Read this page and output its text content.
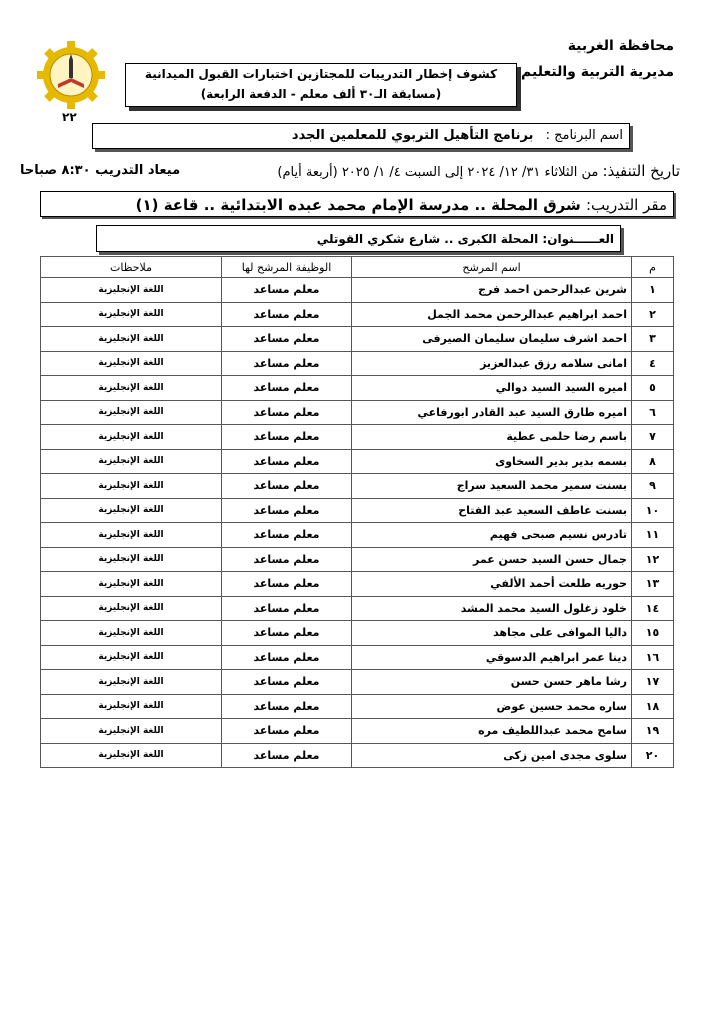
محافظة الغربية
مديرية التربية والتعليم
كشوف إخطار التدريبات للمجتازين اختبارات القبول الميدانية
(مسابقة الـ٣٠ ألف معلم - الدفعة الرابعة)
٢٢
اسم البرنامج : برنامج التأهيل التربوي للمعلمين الجدد
تاريخ التنفيذ: من الثلاثاء ٣١/ ١٢/ ٢٠٢٤ إلى السبت ٤/ ١/ ٢٠٢٥ (أربعة أيام)
ميعاد التدريب ٨:٣٠ صباحا
مقر التدريب: شرق المحلة .. مدرسة الإمام محمد عبده الابتدائية .. قاعة (١)
العــــــنوان: المحلة الكبرى .. شارع شكري القوتلي
م	اسم المرشح	الوظيفة المرشح لها	ملاحظات
١	شرين عبدالرحمن احمد فرج	معلم مساعد	اللغة الإنجليزية
٢	احمد ابراهيم عبدالرحمن محمد الجمل	معلم مساعد	اللغة الإنجليزية
٣	احمد اشرف سليمان سليمان الصيرفى	معلم مساعد	اللغة الإنجليزية
٤	امانى سلامه رزق عبدالعزيز	معلم مساعد	اللغة الإنجليزية
٥	اميره السيد السيد دوالي	معلم مساعد	اللغة الإنجليزية
٦	اميره طارق السيد عبد القادر ابورفاعي	معلم مساعد	اللغة الإنجليزية
٧	باسم رضا حلمى عطية	معلم مساعد	اللغة الإنجليزية
٨	بسمه بدير بدير السخاوى	معلم مساعد	اللغة الإنجليزية
٩	بسنت سمير محمد السعيد سراج	معلم مساعد	اللغة الإنجليزية
١٠	بسنت عاطف السعيد عبد الفتاح	معلم مساعد	اللغة الإنجليزية
١١	تادرس نسيم صبحى فهيم	معلم مساعد	اللغة الإنجليزية
١٢	جمال حسن السيد حسن عمر	معلم مساعد	اللغة الإنجليزية
١٣	حوريه طلعت أحمد الألفي	معلم مساعد	اللغة الإنجليزية
١٤	خلود زغلول السيد محمد المشد	معلم مساعد	اللغة الإنجليزية
١٥	داليا الموافى على مجاهد	معلم مساعد	اللغة الإنجليزية
١٦	دينا عمر ابراهيم الدسوقي	معلم مساعد	اللغة الإنجليزية
١٧	رشا ماهر حسن حسن	معلم مساعد	اللغة الإنجليزية
١٨	ساره محمد حسين عوض	معلم مساعد	اللغة الإنجليزية
١٩	سامح محمد عبداللطيف مره	معلم مساعد	اللغة الإنجليزية
٢٠	سلوى مجدى امين زكى	معلم مساعد	اللغة الإنجليزية
